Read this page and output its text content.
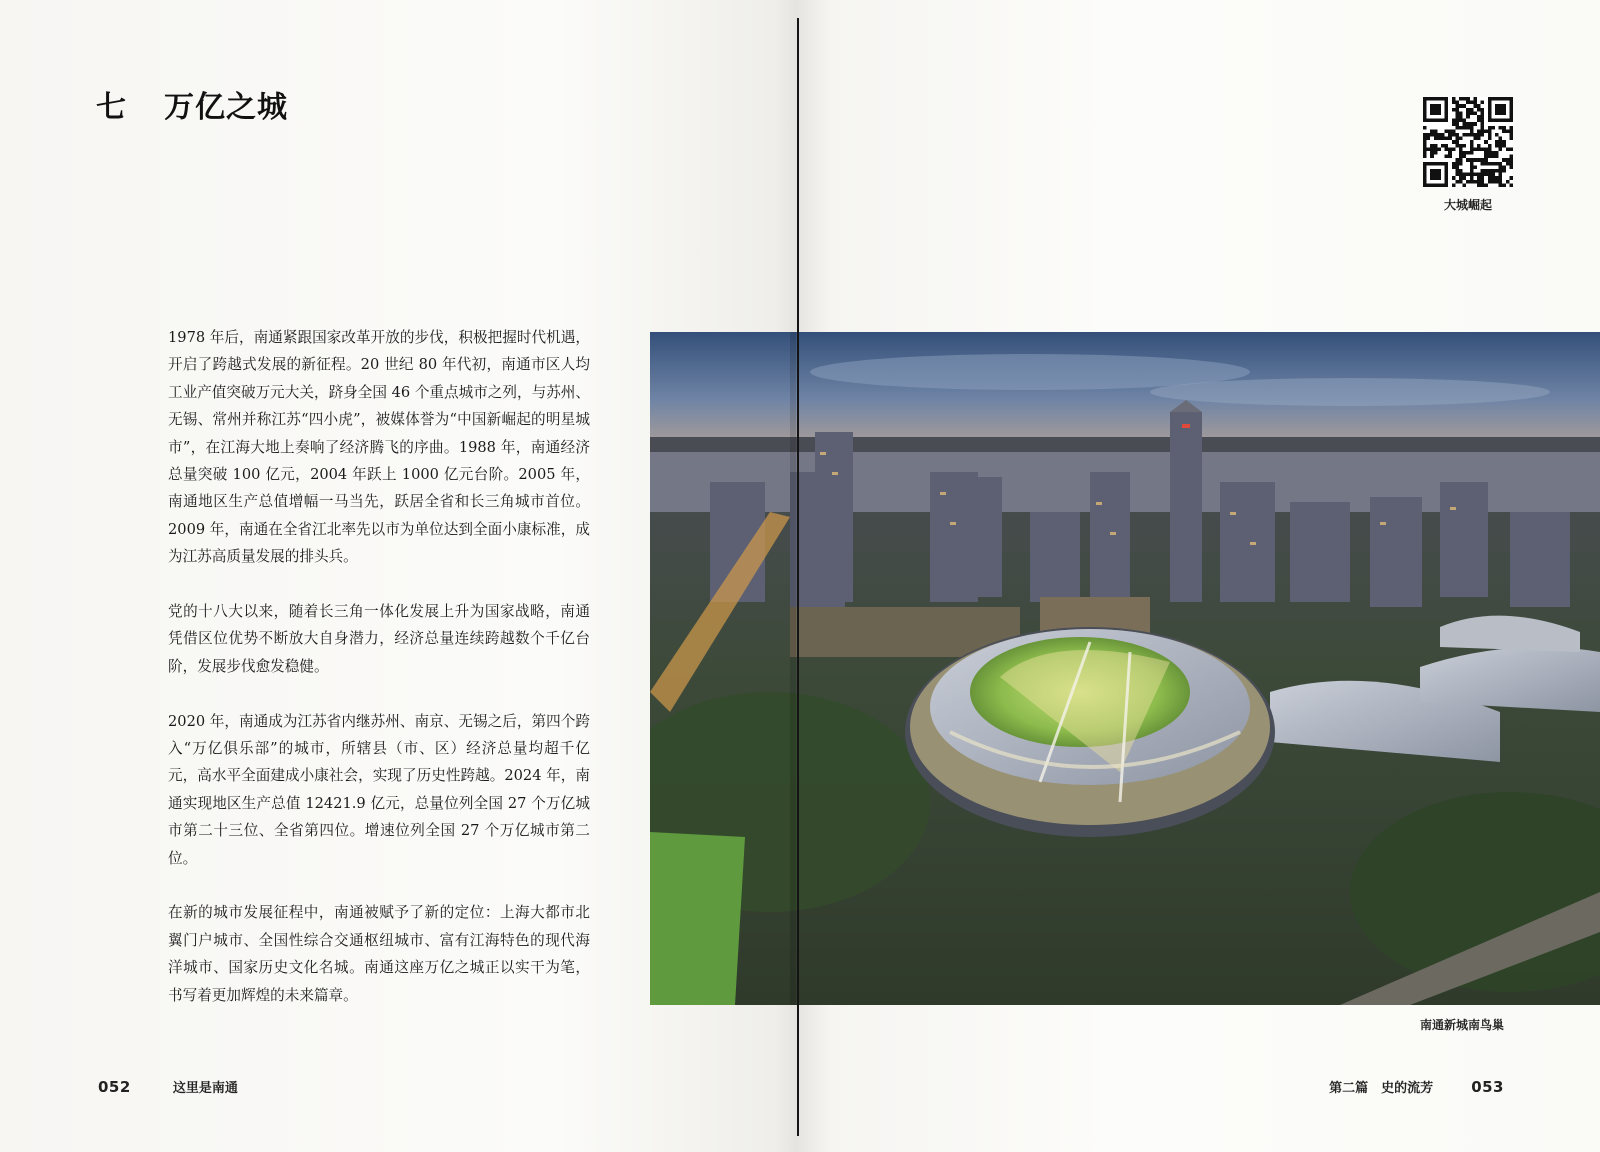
七 万亿之城

1978 年后，南通紧跟国家改革开放的步伐，积极把握时代机遇，开启了跨越式发展的新征程。20 世纪 80 年代初，南通市区人均工业产值突破万元大关，跻身全国 46 个重点城市之列，与苏州、无锡、常州并称江苏“四小虎”，被媒体誉为“中国新崛起的明星城市”，在江海大地上奏响了经济腾飞的序曲。1988 年，南通经济总量突破 100 亿元，2004 年跃上 1000 亿元台阶。2005 年，南通地区生产总值增幅一马当先，跃居全省和长三角城市首位。2009 年，南通在全省江北率先以市为单位达到全面小康标准，成为江苏高质量发展的排头兵。

党的十八大以来，随着长三角一体化发展上升为国家战略，南通凭借区位优势不断放大自身潜力，经济总量连续跨越数个千亿台阶，发展步伐愈发稳健。

2020 年，南通成为江苏省内继苏州、南京、无锡之后，第四个跨入“万亿俱乐部”的城市，所辖县（市、区）经济总量均超千亿元，高水平全面建成小康社会，实现了历史性跨越。2024 年，南通实现地区生产总值 12421.9 亿元，总量位列全国 27 个万亿城市第二十三位、全省第四位。增速位列全国 27 个万亿城市第二位。

在新的城市发展征程中，南通被赋予了新的定位：上海大都市北翼门户城市、全国性综合交通枢纽城市、富有江海特色的现代海洋城市、国家历史文化名城。南通这座万亿之城正以实干为笔，书写着更加辉煌的未来篇章。

052	这里是南通	第二篇　史的流芳	053
大城崛起
南通新城南鸟巢
